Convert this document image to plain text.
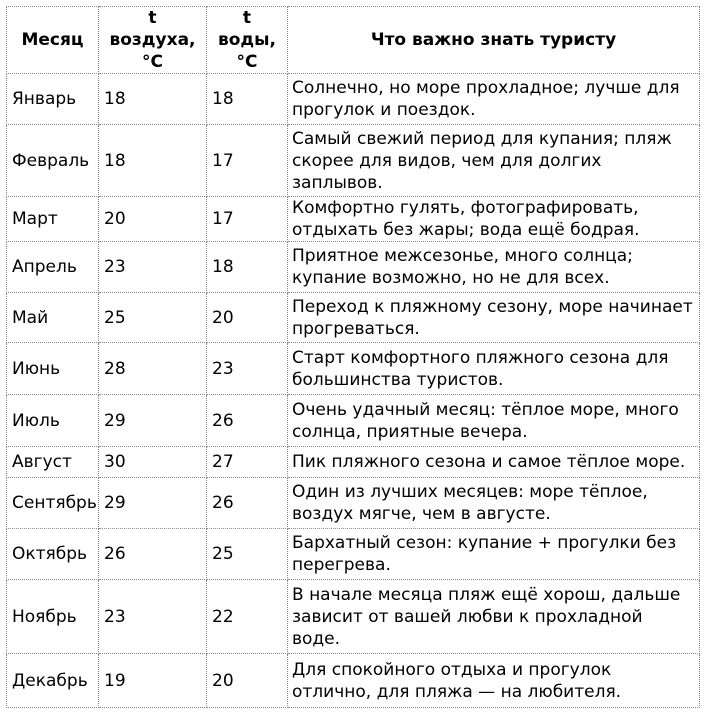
Месяц	t воздуха, °C	t воды, °C	Что важно знать туристу
Январь	18	18	Солнечно, но море прохладное; лучше для прогулок и поездок.
Февраль	18	17	Самый свежий период для купания; пляж скорее для видов, чем для долгих заплывов.
Март	20	17	Комфортно гулять, фотографировать, отдыхать без жары; вода ещё бодрая.
Апрель	23	18	Приятное межсезонье, много солнца; купание возможно, но не для всех.
Май	25	20	Переход к пляжному сезону, море начинает прогреваться.
Июнь	28	23	Старт комфортного пляжного сезона для большинства туристов.
Июль	29	26	Очень удачный месяц: тёплое море, много солнца, приятные вечера.
Август	30	27	Пик пляжного сезона и самое тёплое море.
Сентябрь	29	26	Один из лучших месяцев: море тёплое, воздух мягче, чем в августе.
Октябрь	26	25	Бархатный сезон: купание + прогулки без перегрева.
Ноябрь	23	22	В начале месяца пляж ещё хорош, дальше зависит от вашей любви к прохладной воде.
Декабрь	19	20	Для спокойного отдыха и прогулок отлично, для пляжа — на любителя.
